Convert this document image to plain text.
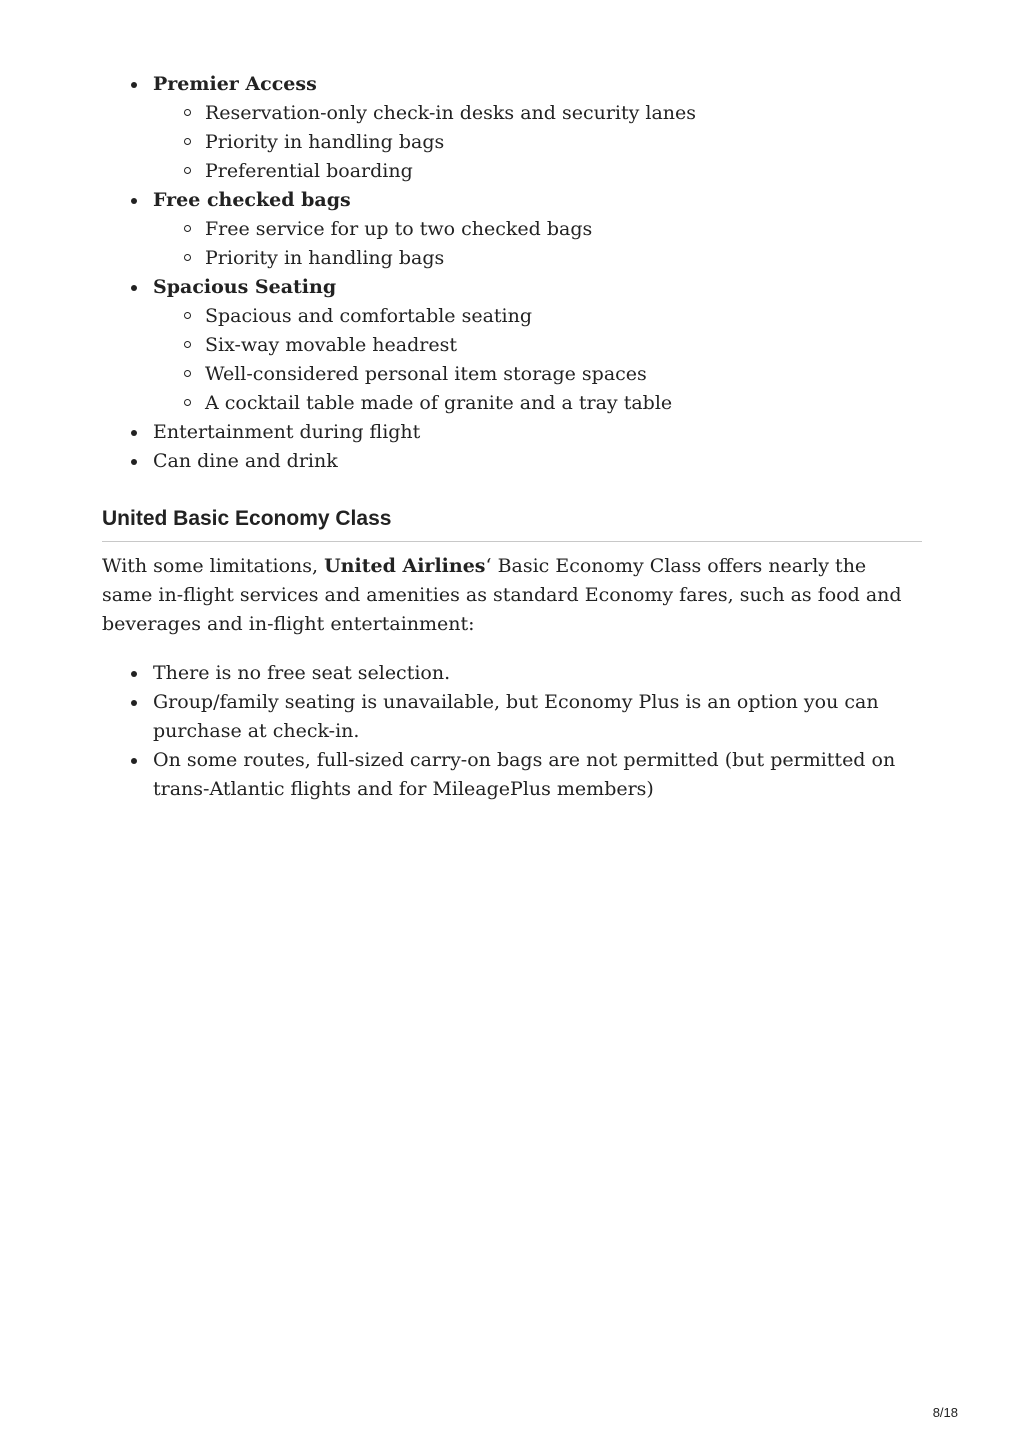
Premier Access
Reservation-only check-in desks and security lanes
Priority in handling bags
Preferential boarding
Free checked bags
Free service for up to two checked bags
Priority in handling bags
Spacious Seating
Spacious and comfortable seating
Six-way movable headrest
Well-considered personal item storage spaces
A cocktail table made of granite and a tray table
Entertainment during flight
Can dine and drink
United Basic Economy Class

With some limitations, United Airlines‘ Basic Economy Class offers nearly the same in-flight services and amenities as standard Economy fares, such as food and beverages and in-flight entertainment:

There is no free seat selection.
Group/family seating is unavailable, but Economy Plus is an option you can purchase at check-in.
On some routes, full-sized carry-on bags are not permitted (but permitted on trans-Atlantic flights and for MileagePlus members)
8/18
